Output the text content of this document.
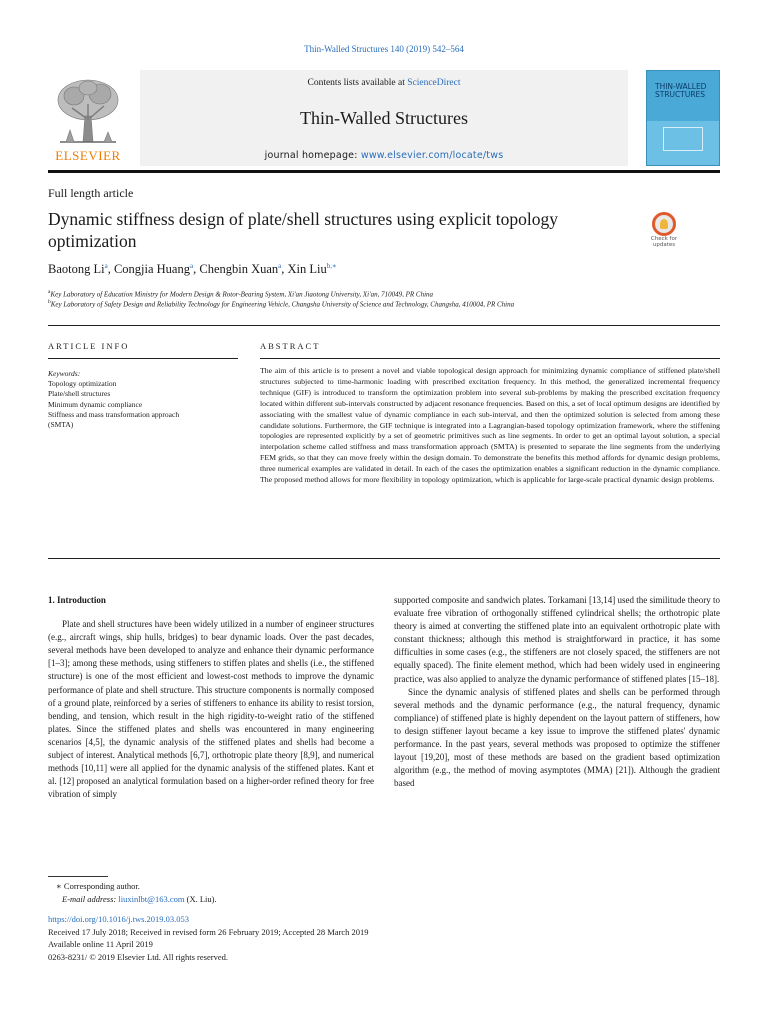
Thin-Walled Structures 140 (2019) 542–564
ELSEVIER
Contents lists available at ScienceDirect
Thin-Walled Structures
journal homepage: www.elsevier.com/locate/tws
THIN-WALLED
STRUCTURES
Full length article
Dynamic stiffness design of plate/shell structures using explicit topology optimization	Check for
updates
Baotong Li$^a$, Congjia Huang$^a$, Chengbin Xuan$^a$, Xin Liu$^{b,∗}$
$^a$Key Laboratory of Education Ministry for Modern Design & Rotor-Bearing System, Xi'an Jiaotong University, Xi'an, 710049, PR China
$^b$Key Laboratory of Safety Design and Reliability Technology for Engineering Vehicle, Changsha University of Science and Technology, Changsha, 410004, PR China
ARTICLE INFO	ABSTRACT
Keywords:
Topology optimization
Plate/shell structures
Minimum dynamic compliance
Stiffness and mass transformation approach
(SMTA)
The aim of this article is to present a novel and viable topological design approach for minimizing dynamic compliance of stiffened plate/shell structures subjected to time-harmonic loading with prescribed excitation frequency. In this method, the generalized incremental frequency technique (GIF) is introduced to transform the optimization problem into several sub-problems by making the prescribed excitation frequency located within different sub-intervals constructed by adjacent resonance frequencies. Based on this, a set of local optimum designs are identified by associating with the smallest value of dynamic compliance in each sub-interval, and then the optimized solution is selected from among these candidate solutions. Furthermore, the GIF technique is integrated into a Lagrangian-based topology optimization framework, where the stiffening topologies are represented explicitly by a set of geometric primitives such as line segments. In order to get an optimal layout solution, a special interpolation scheme called stiffness and mass transformation approach (SMTA) is presented to separate the line segments from the underlying FEM grids, so that they can move freely within the design domain. To demonstrate the benefits this method affords for dynamic design problems, three numerical examples are validated in detail. In each of the cases the optimization enables a significant reduction in the dynamic compliance. The proposed method allows for more flexibility in topology optimization, which is applicable for large-scale practical dynamic design problems.
1. Introduction

Plate and shell structures have been widely utilized in a number of engineer structures (e.g., aircraft wings, ship hulls, bridges) to bear dynamic loads. Over the past decades, several methods have been developed to analyze and enhance their dynamic performance [1–3]; among these methods, using stiffeners to stiffen plates and shells (i.e., the stiffened structure) is one of the most efficient and lowest-cost methods to improve the dynamic performance of plate and shell structure. This structure components is normally composed of a ground plate, reinforced by a series of stiffeners to enhance its ability to resist torsion, bending, and tension, which result in the high rigidity-to-weight ratio of the stiffened plates. Since the stiffened plates and shells was encountered in many engineering scenarios [4,5], the dynamic analysis of the stiffened plates and shells had become a subject of interest. Analytical methods [6,7], orthotropic plate theory [8,9], and numerical methods [10,11] were all applied for the dynamic analysis of the stiffened plates. Kant et al. [12] proposed an analytical formulation based on a higher-order refined theory for free vibration of simply

supported composite and sandwich plates. Torkamani [13,14] used the similitude theory to evaluate free vibration of orthogonally stiffened cylindrical shells; the orthotropic plate theory is aimed at converting the stiffened plate into an equivalent orthotropic plate with constant thickness; although this method is straightforward in practice, it has some difficulties in some cases (e.g., the stiffeners are not closely spaced, the stiffeners are not equally spaced). The finite element method, which had been widely used in engineering practice, was also applied to analyze the dynamic performance of stiffened plates [15–18].

Since the dynamic analysis of stiffened plates and shells can be performed through several methods and the dynamic performance (e.g., the natural frequency, dynamic compliance) of stiffened plate is highly dependent on the layout pattern of stiffeners, how to design stiffener layout became a key issue to improve the stiffened plates' dynamic performance. In the past years, several methods was proposed to optimize the stiffener layout [19,20], most of these methods are based on the gradient based optimization algorithm (e.g., the method of moving asymptotes (MMA) [21]). Although the gradient based

∗ Corresponding author.
E-mail address: liuxinlbt@163.com (X. Liu).
https://doi.org/10.1016/j.tws.2019.03.053
Received 17 July 2018; Received in revised form 26 February 2019; Accepted 28 March 2019
Available online 11 April 2019
0263-8231/ © 2019 Elsevier Ltd. All rights reserved.
